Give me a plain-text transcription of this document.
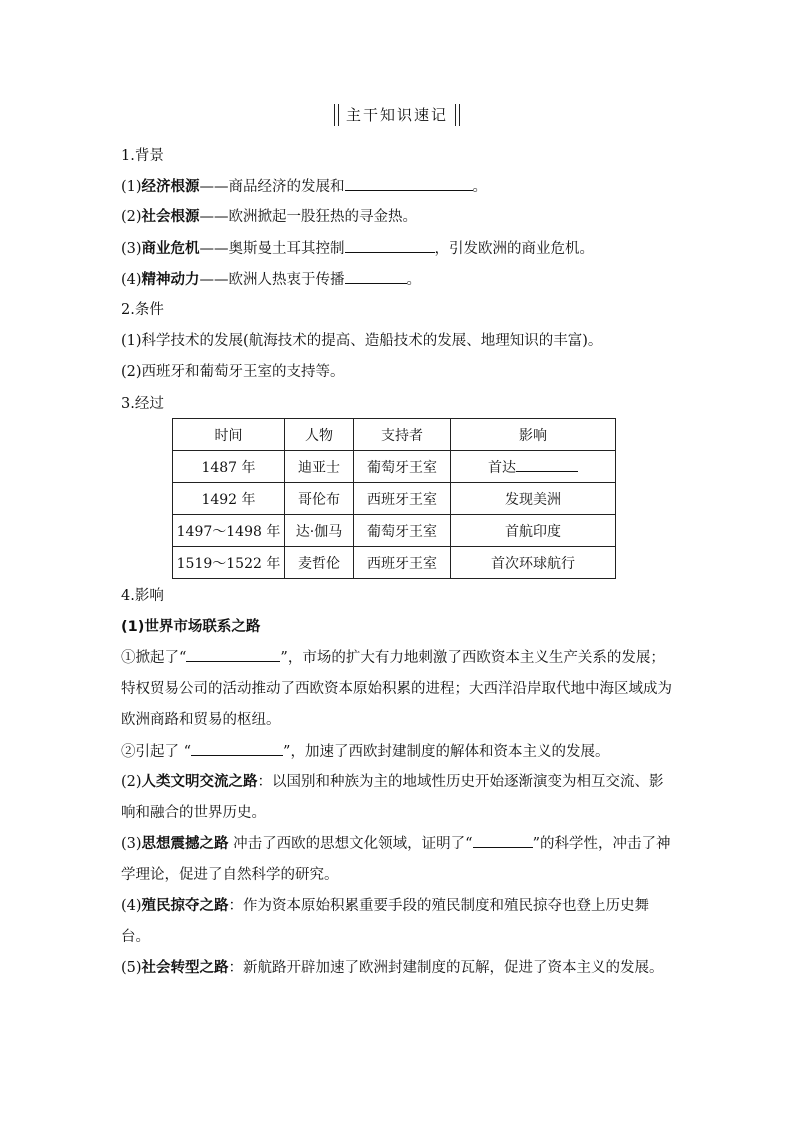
主干知识速记
1.背景
(1)经济根源——商品经济的发展和	。
(2)社会根源——欧洲掀起一股狂热的寻金热。
(3)商业危机——奥斯曼土耳其控制	，引发欧洲的商业危机。
(4)精神动力——欧洲人热衷于传播	。
2.条件
(1)科学技术的发展(航海技术的提高、造船技术的发展、地理知识的丰富)。
(2)西班牙和葡萄牙王室的支持等。
3.经过
时间	人物	支持者	影响
1487 年	迪亚士	葡萄牙王室	首达
1492 年	哥伦布	西班牙王室	发现美洲
1497～1498 年	达·伽马	葡萄牙王室	首航印度
1519～1522 年	麦哲伦	西班牙王室	首次环球航行
4.影响
(1)世界市场联系之路
①掀起了“	”，市场的扩大有力地刺激了西欧资本主义生产关系的发展；特权贸易公司的活动推动了西欧资本原始积累的进程；大西洋沿岸取代地中海区域成为欧洲商路和贸易的枢纽。
②引起了 “	”，加速了西欧封建制度的解体和资本主义的发展。
(2)人类文明交流之路：以国别和种族为主的地域性历史开始逐渐演变为相互交流、影响和融合的世界历史。
(3)思想震撼之路 冲击了西欧的思想文化领域，证明了“	”的科学性，冲击了神学理论，促进了自然科学的研究。
(4)殖民掠夺之路：作为资本原始积累重要手段的殖民制度和殖民掠夺也登上历史舞台。
(5)社会转型之路：新航路开辟加速了欧洲封建制度的瓦解，促进了资本主义的发展。
